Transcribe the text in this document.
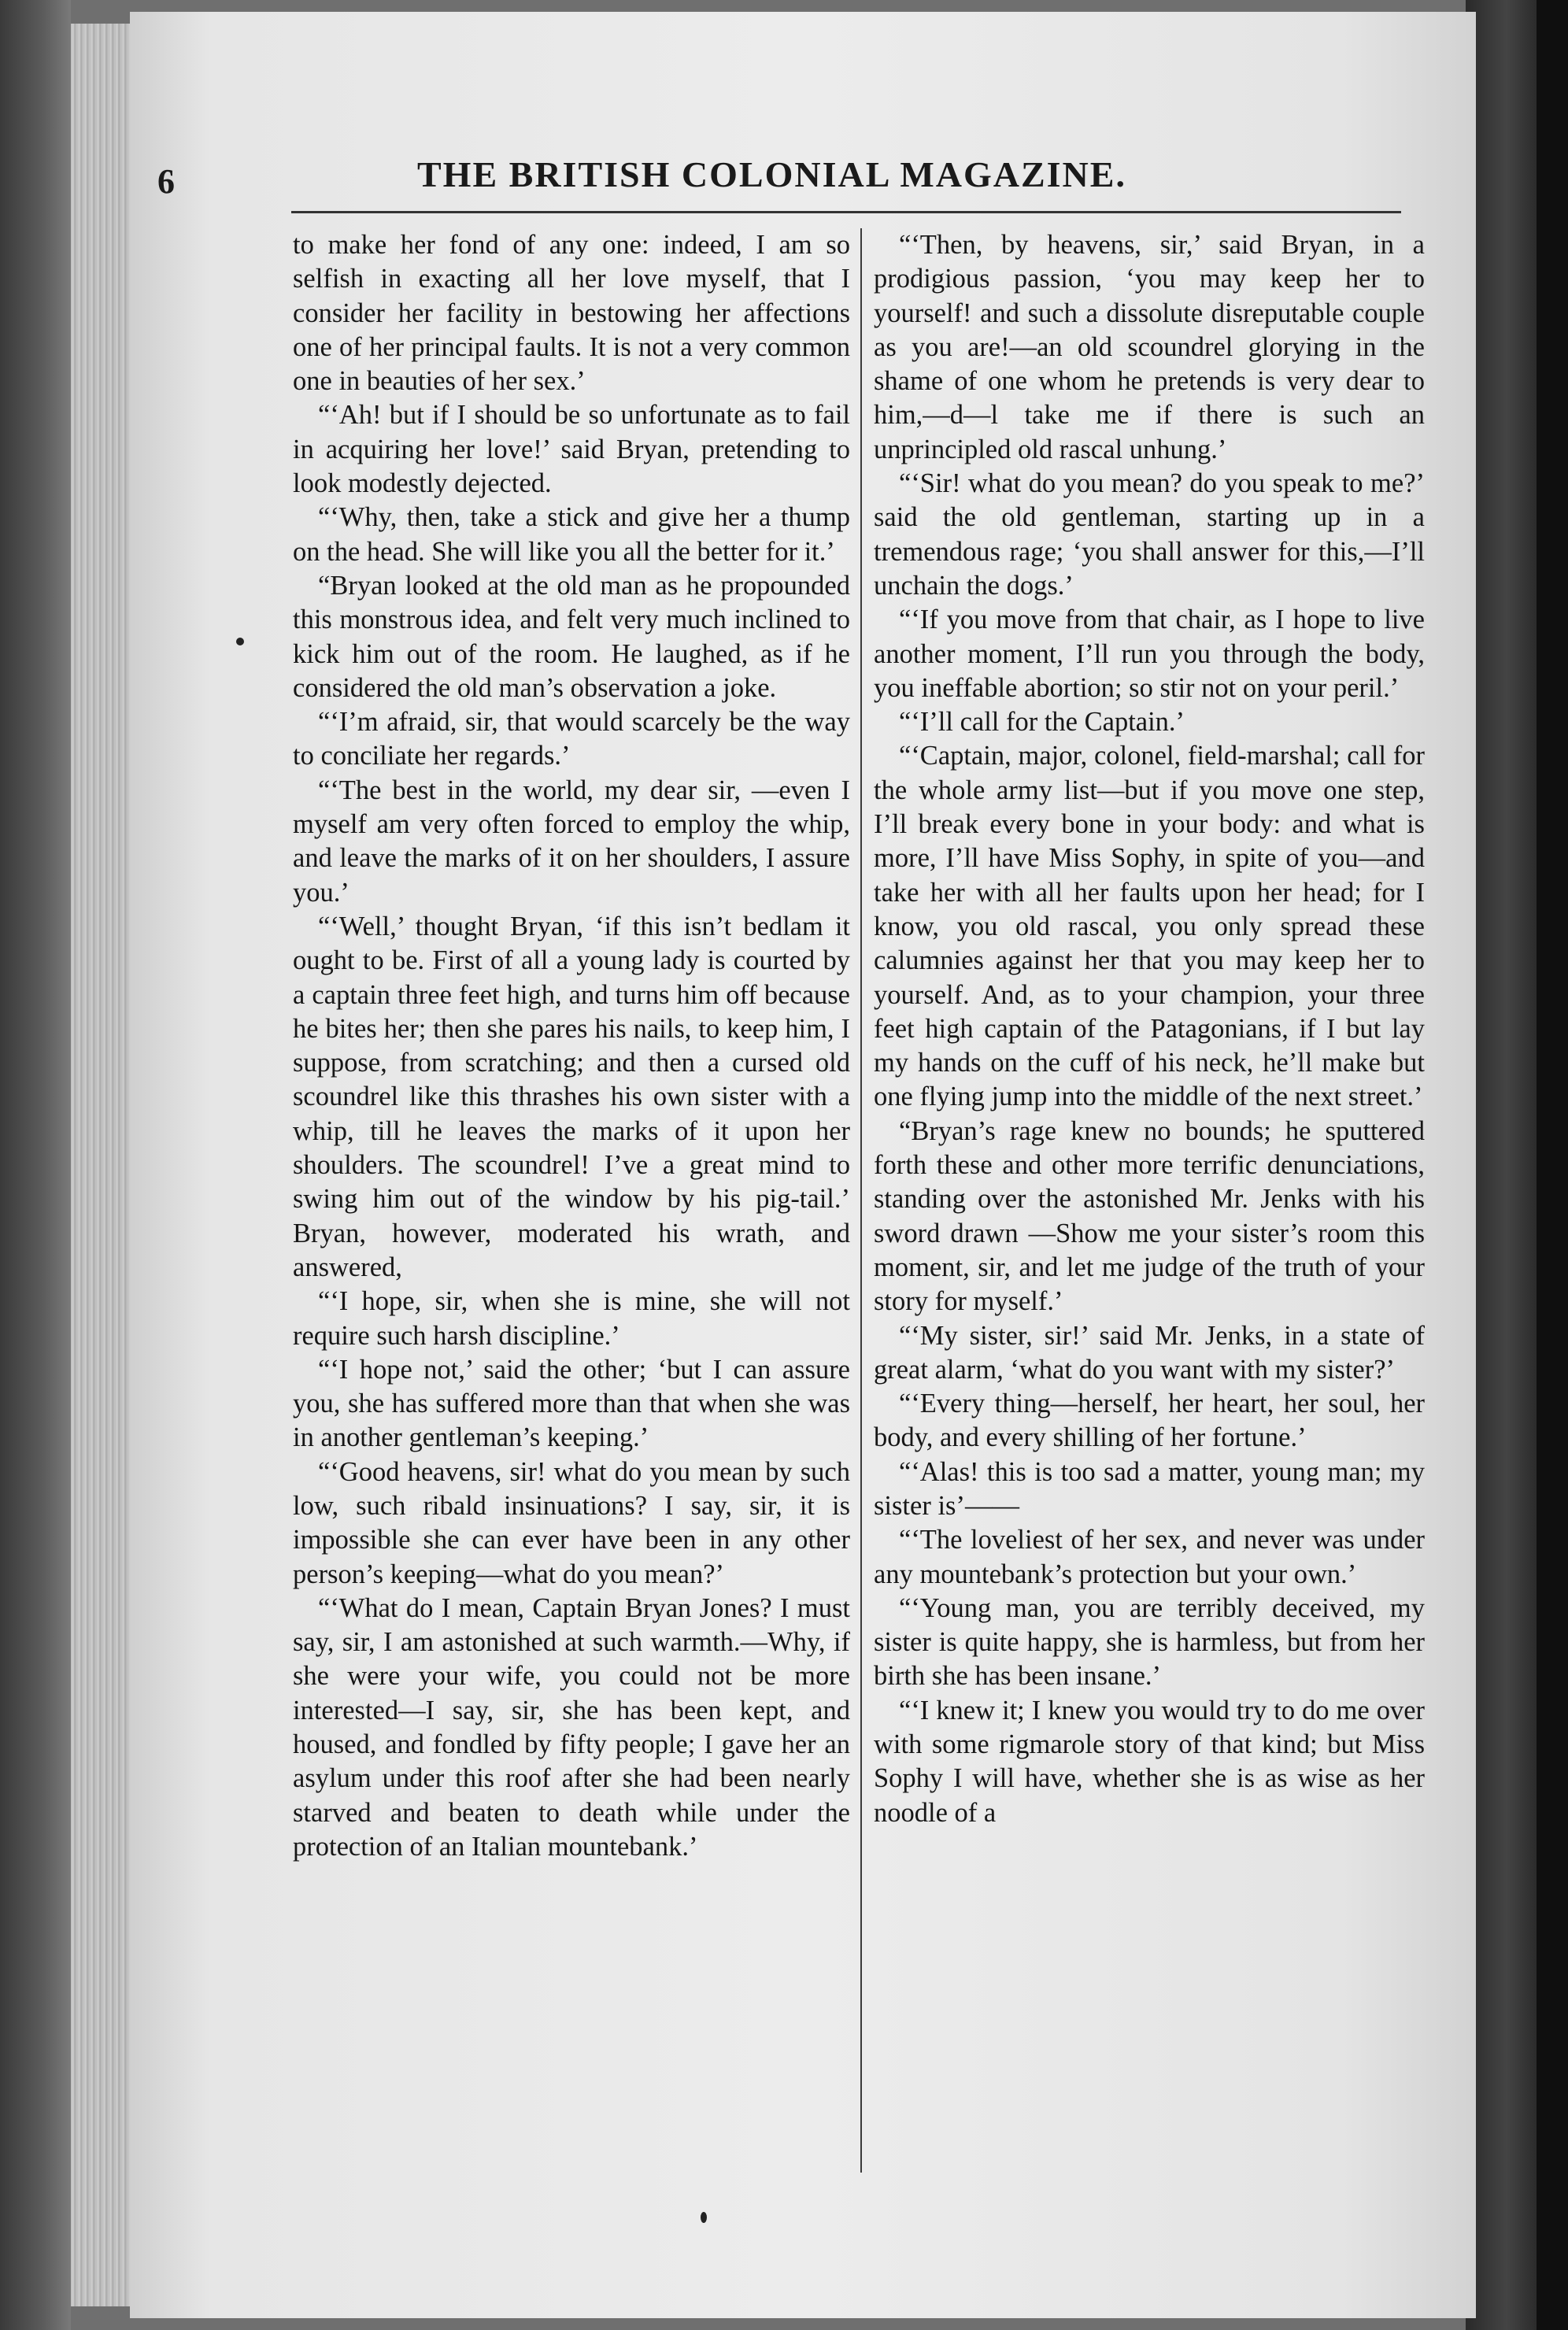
6	THE BRITISH COLONIAL MAGAZINE.

to make her fond of any one: indeed, I am so selfish in exacting all her love myself, that I consider her facility in bestowing her affections one of her principal faults. It is not a very common one in beauties of her sex.’

“‘Ah! but if I should be so unfortunate as to fail in acquiring her love!’ said Bryan, pretending to look modestly dejected.

“‘Why, then, take a stick and give her a thump on the head. She will like you all the better for it.’

“Bryan looked at the old man as he propounded this monstrous idea, and felt very much inclined to kick him out of the room. He laughed, as if he considered the old man’s observation a joke.

“‘I’m afraid, sir, that would scarcely be the way to conciliate her regards.’

“‘The best in the world, my dear sir, —even I myself am very often forced to employ the whip, and leave the marks of it on her shoulders, I assure you.’

“‘Well,’ thought Bryan, ‘if this isn’t bedlam it ought to be. First of all a young lady is courted by a captain three feet high, and turns him off because he bites her; then she pares his nails, to keep him, I suppose, from scratching; and then a cursed old scoundrel like this thrashes his own sister with a whip, till he leaves the marks of it upon her shoulders. The scoundrel! I’ve a great mind to swing him out of the window by his pig-tail.’ Bryan, however, moderated his wrath, and answered,

“‘I hope, sir, when she is mine, she will not require such harsh discipline.’

“‘I hope not,’ said the other; ‘but I can assure you, she has suffered more than that when she was in another gentleman’s keeping.’

“‘Good heavens, sir! what do you mean by such low, such ribald insinuations? I say, sir, it is impossible she can ever have been in any other person’s keeping—what do you mean?’

“‘What do I mean, Captain Bryan Jones? I must say, sir, I am astonished at such warmth.—Why, if she were your wife, you could not be more interested—I say, sir, she has been kept, and housed, and fondled by fifty people; I gave her an asylum under this roof after she had been nearly starved and beaten to death while under the protection of an Italian mountebank.’

“‘Then, by heavens, sir,’ said Bryan, in a prodigious passion, ‘you may keep her to yourself! and such a dissolute disreputable couple as you are!—an old scoundrel glorying in the shame of one whom he pretends is very dear to him,—d—l take me if there is such an unprincipled old rascal unhung.’

“‘Sir! what do you mean? do you speak to me?’ said the old gentleman, starting up in a tremendous rage; ‘you shall answer for this,—I’ll unchain the dogs.’

“‘If you move from that chair, as I hope to live another moment, I’ll run you through the body, you ineffable abortion; so stir not on your peril.’

“‘I’ll call for the Captain.’

“‘Captain, major, colonel, field-marshal; call for the whole army list—but if you move one step, I’ll break every bone in your body: and what is more, I’ll have Miss Sophy, in spite of you—and take her with all her faults upon her head; for I know, you old rascal, you only spread these calumnies against her that you may keep her to yourself. And, as to your champion, your three feet high captain of the Patagonians, if I but lay my hands on the cuff of his neck, he’ll make but one flying jump into the middle of the next street.’

“Bryan’s rage knew no bounds; he sputtered forth these and other more terrific denunciations, standing over the astonished Mr. Jenks with his sword drawn —Show me your sister’s room this moment, sir, and let me judge of the truth of your story for myself.’

“‘My sister, sir!’ said Mr. Jenks, in a state of great alarm, ‘what do you want with my sister?’

“‘Every thing—herself, her heart, her soul, her body, and every shilling of her fortune.’

“‘Alas! this is too sad a matter, young man; my sister is’——

“‘The loveliest of her sex, and never was under any mountebank’s protection but your own.’

“‘Young man, you are terribly deceived, my sister is quite happy, she is harmless, but from her birth she has been insane.’

“‘I knew it; I knew you would try to do me over with some rigmarole story of that kind; but Miss Sophy I will have, whether she is as wise as her noodle of a
